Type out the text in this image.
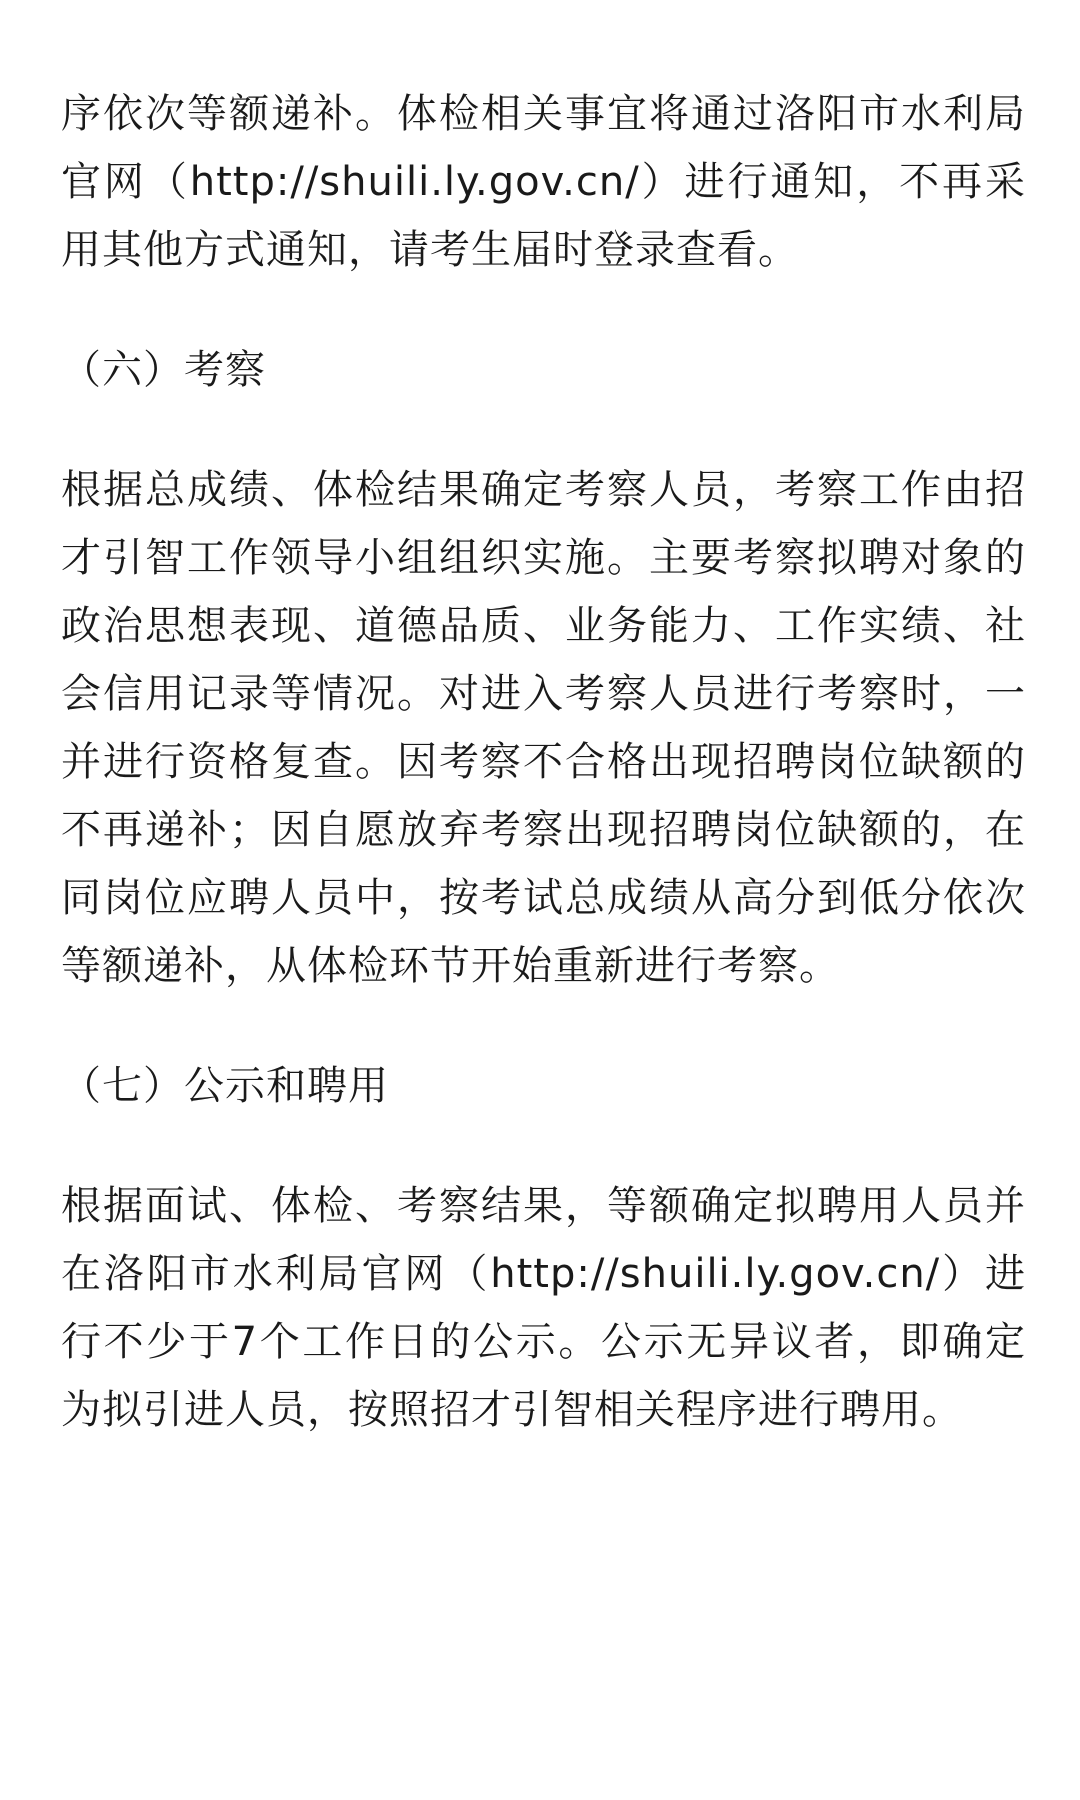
序依次等额递补。体检相关事宜将通过洛阳市水利局官网（http://shuili.ly.gov.cn/）进行通知，不再采用其他方式通知，请考生届时登录查看。

（六）考察

根据总成绩、体检结果确定考察人员，考察工作由招才引智工作领导小组组织实施。主要考察拟聘对象的政治思想表现、道德品质、业务能力、工作实绩、社会信用记录等情况。对进入考察人员进行考察时，一并进行资格复查。因考察不合格出现招聘岗位缺额的不再递补；因自愿放弃考察出现招聘岗位缺额的，在同岗位应聘人员中，按考试总成绩从高分到低分依次等额递补，从体检环节开始重新进行考察。

（七）公示和聘用

根据面试、体检、考察结果，等额确定拟聘用人员并在洛阳市水利局官网（http://shuili.ly.gov.cn/）进行不少于7个工作日的公示。公示无异议者，即确定为拟引进人员，按照招才引智相关程序进行聘用。
